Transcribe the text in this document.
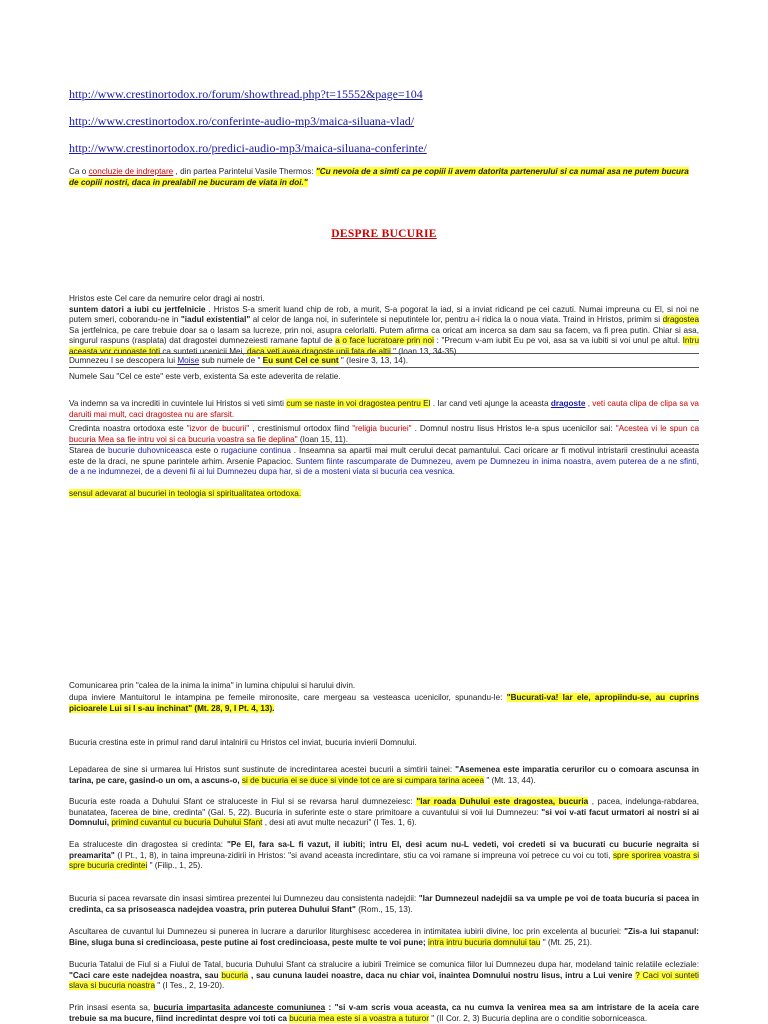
http://www.crestinortodox.ro/forum/showthread.php?t=15552&page=104
http://www.crestinortodox.ro/conferinte-audio-mp3/maica-siluana-vlad/
http://www.crestinortodox.ro/predici-audio-mp3/maica-siluana-conferinte/
Ca o concluzie de indreptare , din partea Parintelui Vasile Thermos: "Cu nevoia de a simti ca pe copiii ii avem datorita partenerului si ca numai asa ne putem bucura de copiii nostri, daca in prealabil ne bucuram de viata in doi."
DESPRE BUCURIE
Hristos este Cel care da nemurire celor dragi ai nostri.
suntem datori a iubi cu jertfelnicie . Hristos S-a smerit luand chip de rob, a murit, S-a pogorat la iad, si a inviat ridicand pe cei cazuti. Numai impreuna cu El, si noi ne putem smeri, coborandu-ne in "iadul existential" al celor de langa noi, in suferintele si neputintele lor, pentru a-i ridica la o noua viata. Traind in Hristos, primim si dragostea Sa jertfelnica, pe care trebuie doar sa o lasam sa lucreze, prin noi, asupra celorlalti. Putem afirma ca oricat am incerca sa dam sau sa facem, va fi prea putin. Chiar si asa, singurul raspuns (rasplata) dat dragostei dumnezeiesti ramane faptul de a o face lucratoare prin noi : "Precum v-am iubit Eu pe voi, asa sa va iubiti si voi unul pe altul. Intru aceasta vor cunoaste toti ca sunteti ucenicii Mei, daca veti avea dragoste unii fata de altii " (Ioan 13, 34-35)
Dumnezeu I se descopera lui Moise sub numele de " Eu sunt Cel ce sunt " (Iesire 3, 13, 14).
Numele Sau "Cel ce este" este verb, existenta Sa este adeverita de relatie.
Va indemn sa va increditi in cuvintele lui Hristos si veti simti cum se naste in voi dragostea pentru El . Iar cand veti ajunge la aceasta dragoste , veti cauta clipa de clipa sa va daruiti mai mult, caci dragostea nu are sfarsit.
Credinta noastra ortodoxa este "izvor de bucurii" , crestinismul ortodox fiind "religia bucuriei" . Domnul nostru Iisus Hristos le-a spus ucenicilor sai: "Acestea vi le spun ca bucuria Mea sa fie intru voi si ca bucuria voastra sa fie deplina" (Ioan 15, 11).
Starea de bucurie duhovniceasca este o rugaciune continua . Inseamna sa apartii mai mult cerului decat pamantului. Caci oricare ar fi motivul intristarii crestinului aceasta este de la draci, ne spune parintele arhim. Arsenie Papacioc. Suntem fiinte rascumparate de Dumnezeu, avem pe Dumnezeu in inima noastra, avem puterea de a ne sfinti, de a ne indumnezei, de a deveni fii ai lui Dumnezeu dupa har, si de a mosteni viata si bucuria cea vesnica.
sensul adevarat al bucuriei in teologia si spiritualitatea ortodoxa.
Comunicarea prin "calea de la inima la inima" in lumina chipului si harului divin.
dupa inviere Mantuitorul le intampina pe femeile mironosite, care mergeau sa vesteasca ucenicilor, spunandu-le: "Bucurati-va! Iar ele, apropiindu-se, au cuprins picioarele Lui si I s-au inchinat" (Mt. 28, 9, I Pt. 4, 13).
Bucuria crestina este in primul rand darul intalnirii cu Hristos cel inviat, bucuria invierii Domnului.
Lepadarea de sine si urmarea lui Hristos sunt sustinute de incredintarea acestei bucurii a simtirii tainei: "Asemenea este imparatia cerurilor cu o comoara ascunsa in tarina, pe care, gasind-o un om, a ascuns-o, si de bucuria ei se duce si vinde tot ce are si cumpara tarina aceea " (Mt. 13, 44).
Bucuria este roada a Duhului Sfant ce straluceste in Fiul si se revarsa harul dumnezeiesc: "Iar roada Duhului este dragostea, bucuria , pacea, indelunga-rabdarea, bunatatea, facerea de bine, credinta" (Gal. 5, 22). Bucuria in suferinte este o stare primitoare a cuvantului si voii lui Dumnezeu: "si voi v-ati facut urmatori ai nostri si ai Domnului, primind cuvantul cu bucuria Duhului Sfant , desi ati avut multe necazuri" (I Tes. 1, 6).
Ea straluceste din dragostea si credinta: "Pe El, fara sa-L fi vazut, il iubiti; intru El, desi acum nu-L vedeti, voi credeti si va bucurati cu bucurie negraita si preamarita" (I Pt., 1, 8), in taina impreuna-zidirii in Hristos: "si avand aceasta incredintare, stiu ca voi ramane si impreuna voi petrece cu voi cu toti, spre sporirea voastra si spre bucuria credintei " (Filip., 1, 25).
Bucuria si pacea revarsate din insasi simtirea prezentei lui Dumnezeu dau consistenta nadejdii: "Iar Dumnezeul nadejdii sa va umple pe voi de toata bucuria si pacea in credinta, ca sa prisoseasca nadejdea voastra, prin puterea Duhului Sfant" (Rom., 15, 13).
Ascultarea de cuvantul lui Dumnezeu si punerea in lucrare a darurilor liturghisesc accederea in intimitatea iubirii divine, loc prin excelenta al bucuriei: "Zis-a lui stapanul: Bine, sluga buna si credincioasa, peste putine ai fost credincioasa, peste multe te voi pune; intra intru bucuria domnului tau " (Mt. 25, 21).
Bucuria Tatalui de Fiul si a Fiului de Tatal, bucuria Duhului Sfant ca stralucire a iubirii Treimice se comunica fiilor lui Dumnezeu dupa har, modeland tainic relatiile ecleziale: "Caci care este nadejdea noastra, sau bucuria , sau cununa laudei noastre, daca nu chiar voi, inaintea Domnului nostru Iisus, intru a Lui venire ? Caci voi sunteti slava si bucuria noastra " (I Tes., 2, 19-20).
Prin insasi esenta sa, bucuria impartasita adanceste comuniunea : "si v-am scris voua aceasta, ca nu cumva la venirea mea sa am intristare de la aceia care trebuie sa ma bucure, fiind incredintat despre voi toti ca bucuria mea este si a voastra a tuturor " (II Cor. 2, 3) Bucuria deplina are o conditie soborniceasca.
